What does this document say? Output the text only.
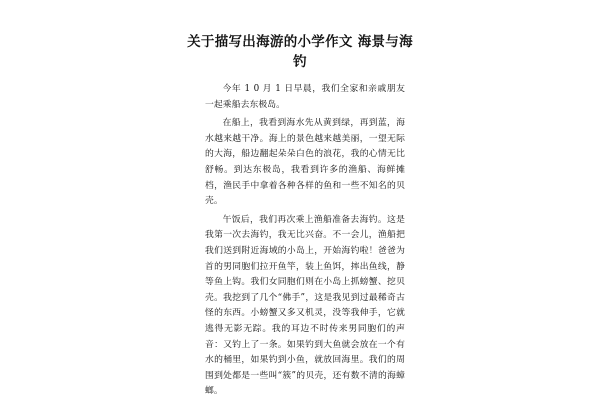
关于描写出海游的小学作文 海景与海
钓

今年 1 0 月 1 日早晨，我们全家和亲戚朋友一起乘船去东极岛。

在船上，我看到海水先从黄到绿，再到蓝，海水越来越干净。海上的景色越来越美丽，一望无际的大海，船边翻起朵朵白色的浪花，我的心情无比舒畅。到达东极岛，我看到许多的渔船、海鲜摊档，渔民手中拿着各种各样的鱼和一些不知名的贝壳。

午饭后，我们再次乘上渔船准备去海钓。这是我第一次去海钓，我无比兴奋。不一会儿，渔船把我们送到附近海域的小岛上，开始海钓啦！爸爸为首的男同胞们拉开鱼竿，装上鱼饵，摔出鱼线，静等鱼上钩。我们女同胞们则在小岛上抓螃蟹、挖贝壳。我挖到了几个“佛手”，这是我见到过最稀奇古怪的东西。小螃蟹又多又机灵，没等我伸手，它就逃得无影无踪。我的耳边不时传来男同胞们的声音：又钓上了一条。如果钓到大鱼就会放在一个有水的桶里，如果钓到小鱼，就放回海里。我们的周围到处都是一些叫“簇”的贝壳，还有数不清的海蟑螂。
